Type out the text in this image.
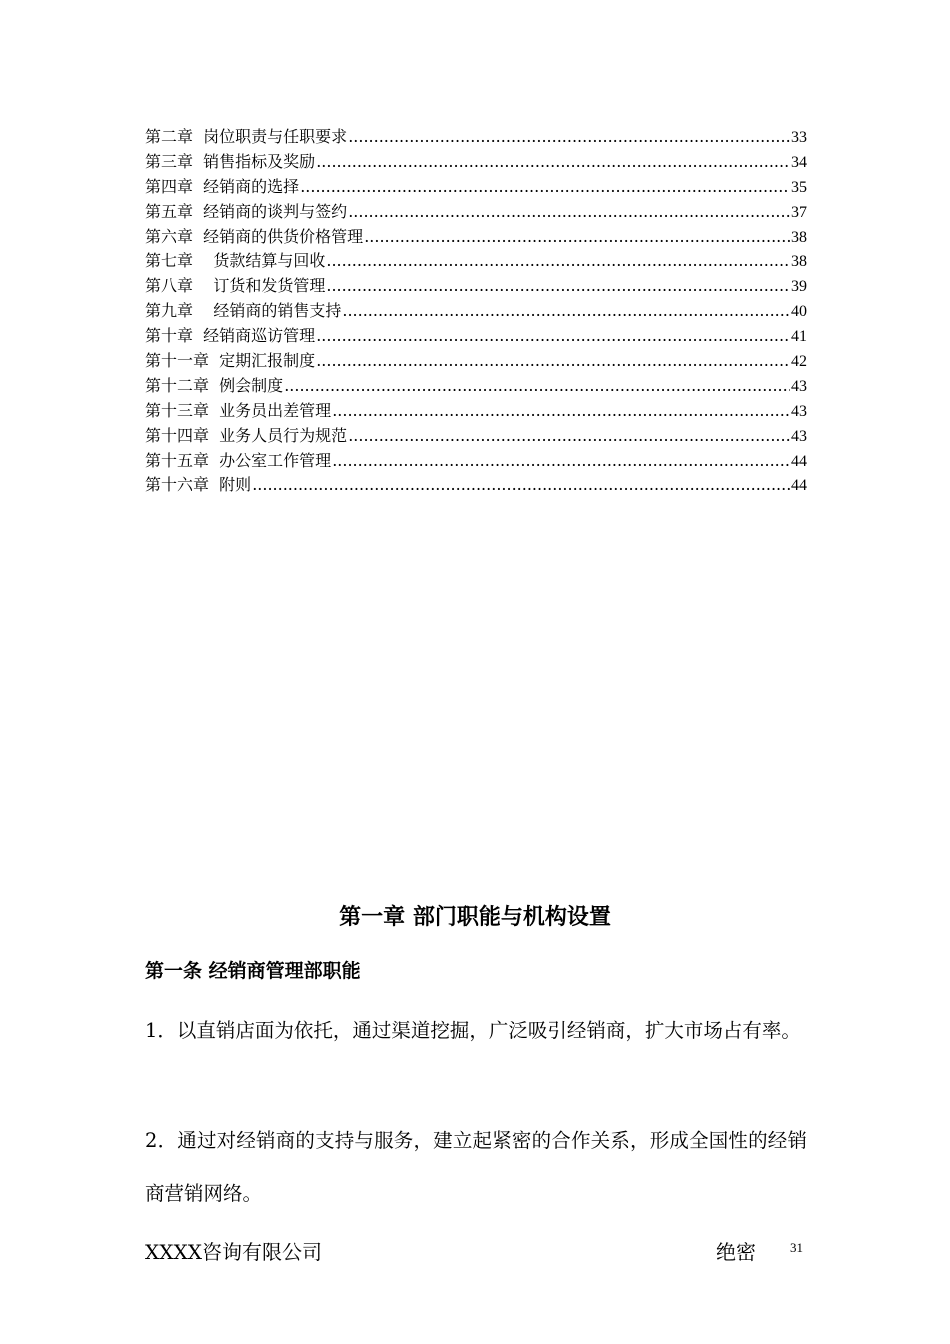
第二章  岗位职责与任职要求 .....	33
第三章  销售指标及奖励 .....	34
第四章  经销商的选择 .....	35
第五章  经销商的谈判与签约 .....	37
第六章  经销商的供货价格管理 .....	38
第七章    货款结算与回收 .....	38
第八章    订货和发货管理 .....	39
第九章    经销商的销售支持 .....	40
第十章  经销商巡访管理 .....	41
第十一章  定期汇报制度 .....	42
第十二章  例会制度 .....	43
第十三章  业务员出差管理 .....	43
第十四章  业务人员行为规范 .....	43
第十五章  办公室工作管理 .....	44
第十六章  附则 .....	44
第一章 部门职能与机构设置
第一条 经销商管理部职能
1．以直销店面为依托，通过渠道挖掘，广泛吸引经销商，扩大市场占有率。
2．通过对经销商的支持与服务，建立起紧密的合作关系，形成全国性的经销商营销网络。
XXXX咨询有限公司	绝密	31
